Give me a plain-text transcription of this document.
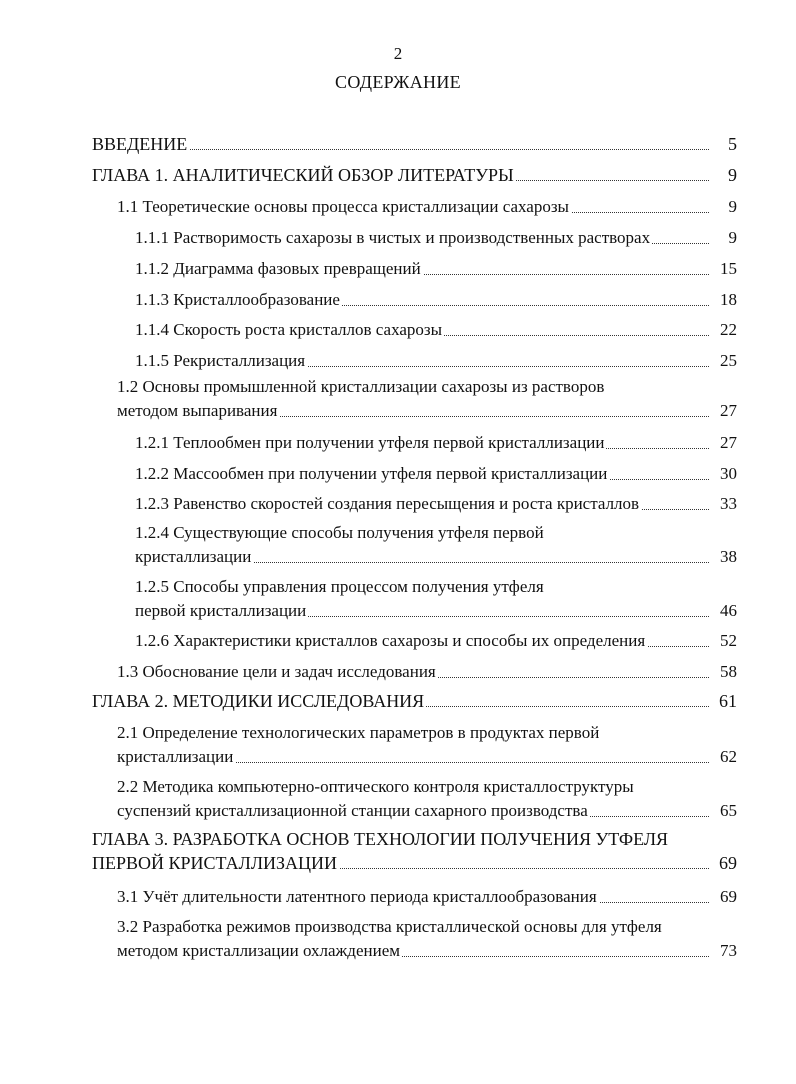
2
СОДЕРЖАНИЕ
ВВЕДЕНИЕ	5
ГЛАВА 1. АНАЛИТИЧЕСКИЙ ОБЗОР ЛИТЕРАТУРЫ	9
1.1 Теоретические основы процесса кристаллизации сахарозы	9
1.1.1 Растворимость сахарозы в чистых и производственных растворах	9
1.1.2 Диаграмма фазовых превращений	15
1.1.3 Кристаллообразование	18
1.1.4 Скорость роста кристаллов сахарозы	22
1.1.5 Рекристаллизация	25
1.2 Основы промышленной кристаллизации сахарозы из растворов
методом выпаривания	27
1.2.1 Теплообмен при получении утфеля первой кристаллизации	27
1.2.2 Массообмен при получении утфеля первой кристаллизации	30
1.2.3 Равенство скоростей создания пересыщения и роста кристаллов	33
1.2.4 Существующие способы получения утфеля первой
кристаллизации	38
1.2.5 Способы управления процессом получения утфеля
первой кристаллизации	46
1.2.6 Характеристики кристаллов сахарозы и способы их определения	52
1.3 Обоснование цели и задач исследования	58
ГЛАВА 2. МЕТОДИКИ ИССЛЕДОВАНИЯ	61
2.1 Определение технологических параметров в продуктах первой
кристаллизации	62
2.2 Методика компьютерно-оптического контроля кристаллоструктуры
суспензий кристаллизационной станции сахарного производства	65
ГЛАВА 3. РАЗРАБОТКА ОСНОВ ТЕХНОЛОГИИ ПОЛУЧЕНИЯ УТФЕЛЯ
ПЕРВОЙ КРИСТАЛЛИЗАЦИИ	69
3.1 Учёт длительности латентного периода кристаллообразования	69
3.2 Разработка режимов производства кристаллической основы для утфеля
методом кристаллизации охлаждением	73
